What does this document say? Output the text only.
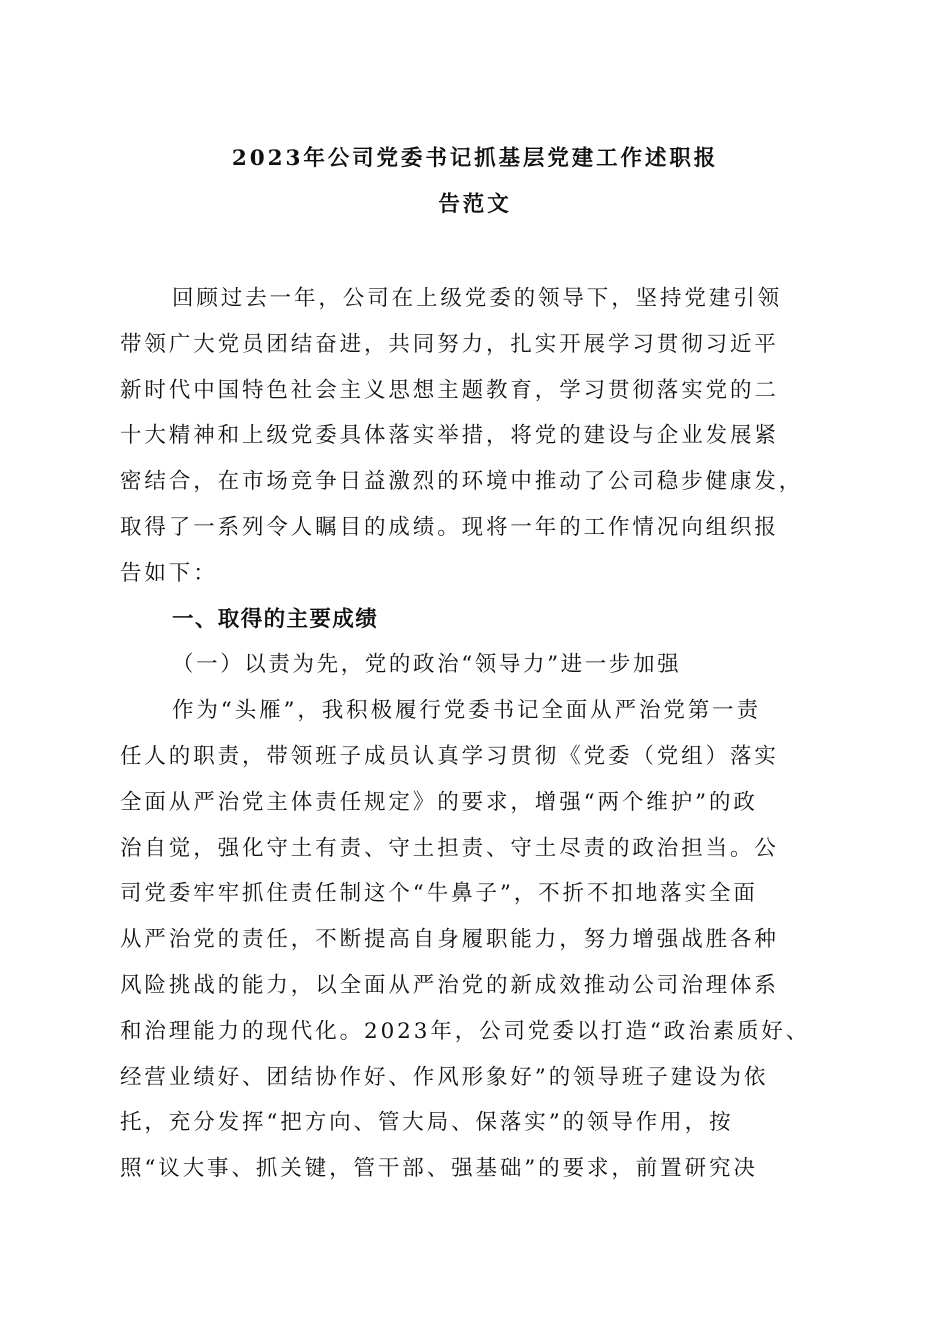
2023年公司党委书记抓基层党建工作述职报
告范文
回顾过去一年，公司在上级党委的领导下，坚持党建引领
带领广大党员团结奋进，共同努力，扎实开展学习贯彻习近平
新时代中国特色社会主义思想主题教育，学习贯彻落实党的二
十大精神和上级党委具体落实举措，将党的建设与企业发展紧
密结合，在市场竞争日益激烈的环境中推动了公司稳步健康发，
取得了一系列令人瞩目的成绩。现将一年的工作情况向组织报
告如下：
一、取得的主要成绩
（一）以责为先，党的政治“领导力”进一步加强
作为“头雁”，我积极履行党委书记全面从严治党第一责
任人的职责，带领班子成员认真学习贯彻《党委（党组）落实
全面从严治党主体责任规定》的要求，增强“两个维护”的政
治自觉，强化守土有责、守土担责、守土尽责的政治担当。公
司党委牢牢抓住责任制这个“牛鼻子”，不折不扣地落实全面
从严治党的责任，不断提高自身履职能力，努力增强战胜各种
风险挑战的能力，以全面从严治党的新成效推动公司治理体系
和治理能力的现代化。2023年，公司党委以打造“政治素质好、
经营业绩好、团结协作好、作风形象好”的领导班子建设为依
托，充分发挥“把方向、管大局、保落实”的领导作用，按
照“议大事、抓关键，管干部、强基础”的要求，前置研究决
